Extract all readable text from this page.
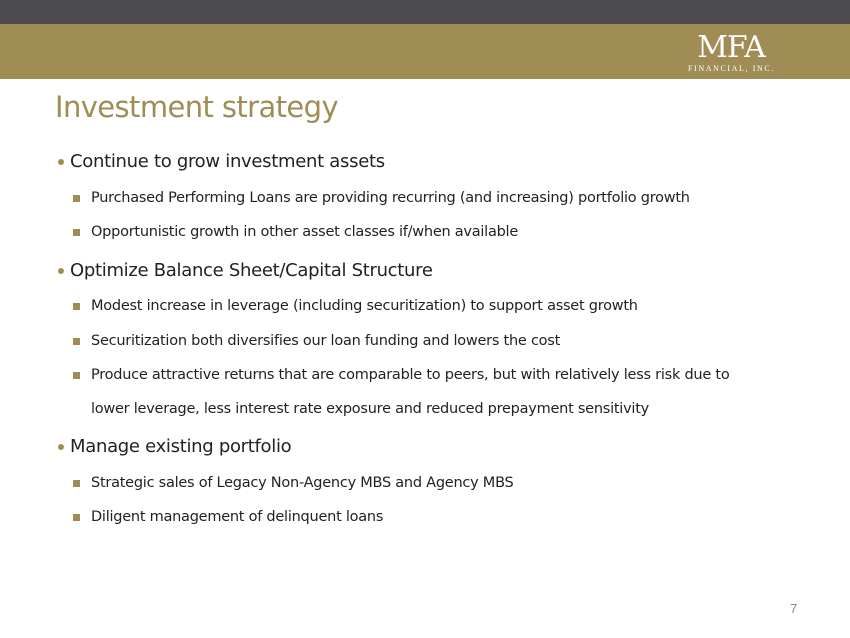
MFA
FINANCIAL, INC.
Investment strategy
Continue to grow investment assets
Purchased Performing Loans are providing recurring (and increasing) portfolio growth
Opportunistic growth in other asset classes if/when available
Optimize Balance Sheet/Capital Structure
Modest increase in leverage (including securitization) to support asset growth
Securitization both diversifies our loan funding and lowers the cost
Produce attractive returns that are comparable to peers, but with relatively less risk due to
lower leverage, less interest rate exposure and reduced prepayment sensitivity
Manage existing portfolio
Strategic sales of Legacy Non-Agency MBS and Agency MBS
Diligent management of delinquent loans
7
